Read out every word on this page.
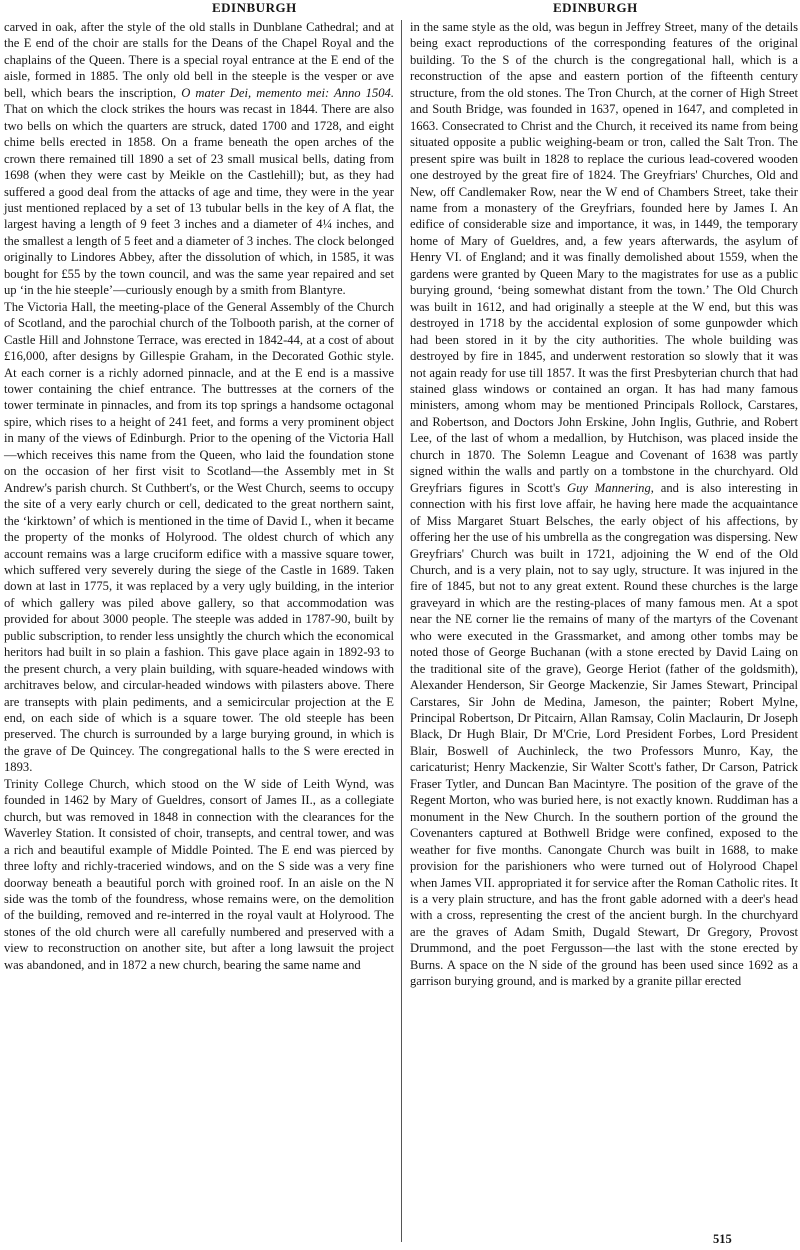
EDINBURGH	EDINBURGH

carved in oak, after the style of the old stalls in Dunblane Cathedral; and at the E end of the choir are stalls for the Deans of the Chapel Royal and the chaplains of the Queen. There is a special royal entrance at the E end of the aisle, formed in 1885. The only old bell in the steeple is the vesper or ave bell, which bears the inscription, O mater Dei, memento mei: Anno 1504. That on which the clock strikes the hours was recast in 1844. There are also two bells on which the quarters are struck, dated 1700 and 1728, and eight chime bells erected in 1858. On a frame beneath the open arches of the crown there remained till 1890 a set of 23 small musical bells, dating from 1698 (when they were cast by Meikle on the Castlehill); but, as they had suffered a good deal from the attacks of age and time, they were in the year just mentioned replaced by a set of 13 tubular bells in the key of A flat, the largest having a length of 9 feet 3 inches and a diameter of 4¼ inches, and the smallest a length of 5 feet and a diameter of 3 inches. The clock belonged originally to Lindores Abbey, after the dissolution of which, in 1585, it was bought for £55 by the town council, and was the same year repaired and set up ‘in the hie steeple’—curiously enough by a smith from Blantyre.

The Victoria Hall, the meeting-place of the General Assembly of the Church of Scotland, and the parochial church of the Tolbooth parish, at the corner of Castle Hill and Johnstone Terrace, was erected in 1842-44, at a cost of about £16,000, after designs by Gillespie Graham, in the Decorated Gothic style. At each corner is a richly adorned pinnacle, and at the E end is a massive tower containing the chief entrance. The buttresses at the corners of the tower terminate in pinnacles, and from its top springs a handsome octagonal spire, which rises to a height of 241 feet, and forms a very prominent object in many of the views of Edinburgh. Prior to the opening of the Victoria Hall—which receives this name from the Queen, who laid the foundation stone on the occasion of her first visit to Scotland—the Assembly met in St Andrew's parish church. St Cuthbert's, or the West Church, seems to occupy the site of a very early church or cell, dedicated to the great northern saint, the ‘kirktown’ of which is mentioned in the time of David I., when it became the property of the monks of Holyrood. The oldest church of which any account remains was a large cruciform edifice with a massive square tower, which suffered very severely during the siege of the Castle in 1689. Taken down at last in 1775, it was replaced by a very ugly building, in the interior of which gallery was piled above gallery, so that accommodation was provided for about 3000 people. The steeple was added in 1787-90, built by public subscription, to render less unsightly the church which the economical heritors had built in so plain a fashion. This gave place again in 1892-93 to the present church, a very plain building, with square-headed windows with architraves below, and circular-headed windows with pilasters above. There are transepts with plain pediments, and a semicircular projection at the E end, on each side of which is a square tower. The old steeple has been preserved. The church is surrounded by a large burying ground, in which is the grave of De Quincey. The congregational halls to the S were erected in 1893.

Trinity College Church, which stood on the W side of Leith Wynd, was founded in 1462 by Mary of Gueldres, consort of James II., as a collegiate church, but was removed in 1848 in connection with the clearances for the Waverley Station. It consisted of choir, transepts, and central tower, and was a rich and beautiful example of Middle Pointed. The E end was pierced by three lofty and richly-traceried windows, and on the S side was a very fine doorway beneath a beautiful porch with groined roof. In an aisle on the N side was the tomb of the foundress, whose remains were, on the demolition of the building, removed and re-interred in the royal vault at Holyrood. The stones of the old church were all carefully numbered and preserved with a view to reconstruction on another site, but after a long lawsuit the project was abandoned, and in 1872 a new church, bearing the same name and

in the same style as the old, was begun in Jeffrey Street, many of the details being exact reproductions of the corresponding features of the original building. To the S of the church is the congregational hall, which is a reconstruction of the apse and eastern portion of the fifteenth century structure, from the old stones. The Tron Church, at the corner of High Street and South Bridge, was founded in 1637, opened in 1647, and completed in 1663. Consecrated to Christ and the Church, it received its name from being situated opposite a public weighing-beam or tron, called the Salt Tron. The present spire was built in 1828 to replace the curious lead-covered wooden one destroyed by the great fire of 1824. The Greyfriars' Churches, Old and New, off Candlemaker Row, near the W end of Chambers Street, take their name from a monastery of the Greyfriars, founded here by James I. An edifice of considerable size and importance, it was, in 1449, the temporary home of Mary of Gueldres, and, a few years afterwards, the asylum of Henry VI. of England; and it was finally demolished about 1559, when the gardens were granted by Queen Mary to the magistrates for use as a public burying ground, ‘being somewhat distant from the town.’ The Old Church was built in 1612, and had originally a steeple at the W end, but this was destroyed in 1718 by the accidental explosion of some gunpowder which had been stored in it by the city authorities. The whole building was destroyed by fire in 1845, and underwent restoration so slowly that it was not again ready for use till 1857. It was the first Presbyterian church that had stained glass windows or contained an organ. It has had many famous ministers, among whom may be mentioned Principals Rollock, Carstares, and Robertson, and Doctors John Erskine, John Inglis, Guthrie, and Robert Lee, of the last of whom a medallion, by Hutchison, was placed inside the church in 1870. The Solemn League and Covenant of 1638 was partly signed within the walls and partly on a tombstone in the churchyard. Old Greyfriars figures in Scott's Guy Mannering, and is also interesting in connection with his first love affair, he having here made the acquaintance of Miss Margaret Stuart Belsches, the early object of his affections, by offering her the use of his umbrella as the congregation was dispersing. New Greyfriars' Church was built in 1721, adjoining the W end of the Old Church, and is a very plain, not to say ugly, structure. It was injured in the fire of 1845, but not to any great extent. Round these churches is the large graveyard in which are the resting-places of many famous men. At a spot near the NE corner lie the remains of many of the martyrs of the Covenant who were executed in the Grassmarket, and among other tombs may be noted those of George Buchanan (with a stone erected by David Laing on the traditional site of the grave), George Heriot (father of the goldsmith), Alexander Henderson, Sir George Mackenzie, Sir James Stewart, Principal Carstares, Sir John de Medina, Jameson, the painter; Robert Mylne, Principal Robertson, Dr Pitcairn, Allan Ramsay, Colin Maclaurin, Dr Joseph Black, Dr Hugh Blair, Dr M'Crie, Lord President Forbes, Lord President Blair, Boswell of Auchinleck, the two Professors Munro, Kay, the caricaturist; Henry Mackenzie, Sir Walter Scott's father, Dr Carson, Patrick Fraser Tytler, and Duncan Ban Macintyre. The position of the grave of the Regent Morton, who was buried here, is not exactly known. Ruddiman has a monument in the New Church. In the southern portion of the ground the Covenanters captured at Bothwell Bridge were confined, exposed to the weather for five months. Canongate Church was built in 1688, to make provision for the parishioners who were turned out of Holyrood Chapel when James VII. appropriated it for service after the Roman Catholic rites. It is a very plain structure, and has the front gable adorned with a deer's head with a cross, representing the crest of the ancient burgh. In the churchyard are the graves of Adam Smith, Dugald Stewart, Dr Gregory, Provost Drummond, and the poet Fergusson—the last with the stone erected by Burns. A space on the N side of the ground has been used since 1692 as a garrison burying ground, and is marked by a granite pillar erected

515
